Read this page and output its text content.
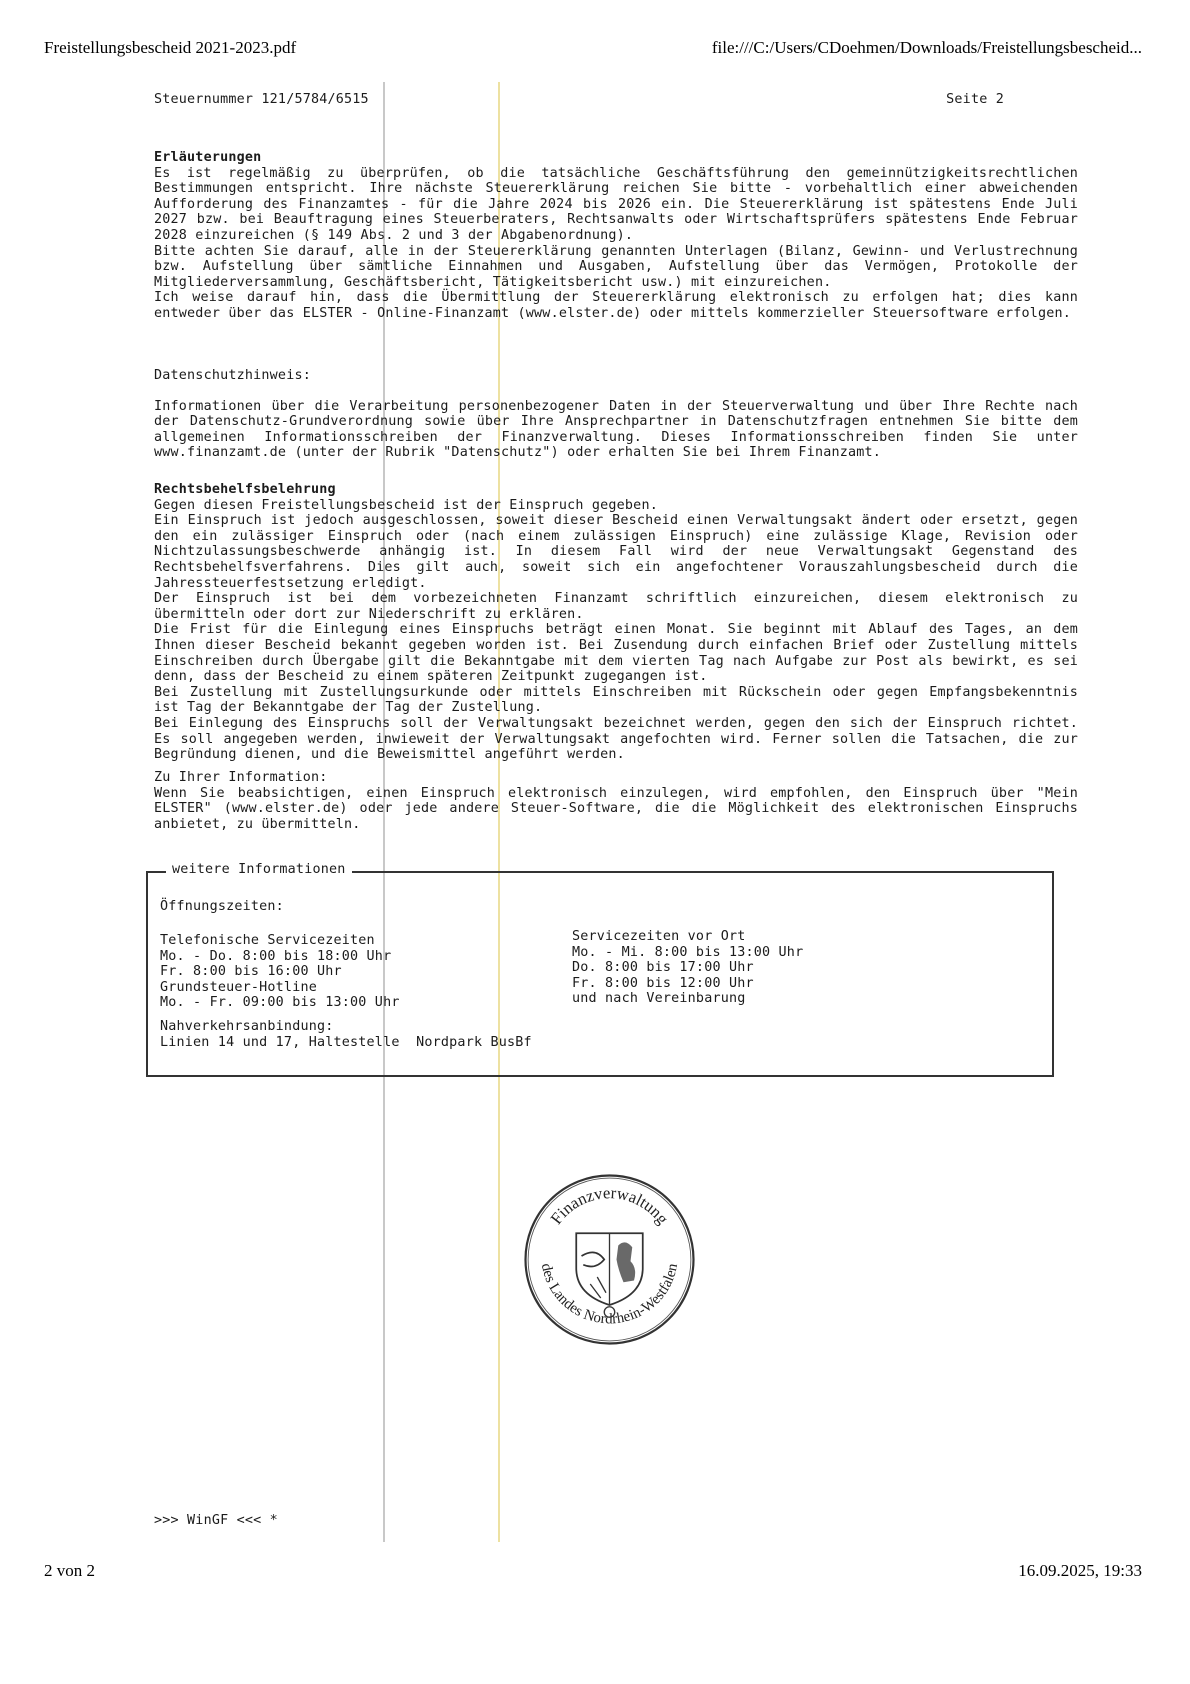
Freistellungsbescheid 2021-2023.pdf	file:///C:/Users/CDoehmen/Downloads/Freistellungsbescheid...
Steuernummer 121/5784/6515	Seite 2

Erläuterungen

Es ist regelmäßig zu überprüfen, ob die tatsächliche Geschäftsführung den gemeinnützigkeitsrechtlichen Bestimmungen entspricht. Ihre nächste Steuererklärung reichen Sie bitte - vorbehaltlich einer abweichenden Aufforderung des Finanzamtes - für die Jahre 2024 bis 2026 ein. Die Steuererklärung ist spätestens Ende Juli 2027 bzw. bei Beauftragung eines Steuerberaters, Rechtsanwalts oder Wirtschaftsprüfers spätestens Ende Februar 2028 einzureichen (§ 149 Abs. 2 und 3 der Abgabenordnung).

Bitte achten Sie darauf, alle in der Steuererklärung genannten Unterlagen (Bilanz, Gewinn- und Verlustrechnung bzw. Aufstellung über sämtliche Einnahmen und Ausgaben, Aufstellung über das Vermögen, Protokolle der Mitgliederversammlung, Geschäftsbericht, Tätigkeitsbericht usw.) mit einzureichen.

Ich weise darauf hin, dass die Übermittlung der Steuererklärung elektronisch zu erfolgen hat; dies kann entweder über das ELSTER - Online-Finanzamt (www.elster.de) oder mittels kommerzieller Steuersoftware erfolgen.

Datenschutzhinweis:

Informationen über die Verarbeitung personenbezogener Daten in der Steuerverwaltung und über Ihre Rechte nach der Datenschutz-Grundverordnung sowie über Ihre Ansprechpartner in Datenschutzfragen entnehmen Sie bitte dem allgemeinen Informationsschreiben der Finanzverwaltung. Dieses Informationsschreiben finden Sie unter www.finanzamt.de (unter der Rubrik "Datenschutz") oder erhalten Sie bei Ihrem Finanzamt.

Rechtsbehelfsbelehrung

Gegen diesen Freistellungsbescheid ist der Einspruch gegeben.

Ein Einspruch ist jedoch ausgeschlossen, soweit dieser Bescheid einen Verwaltungsakt ändert oder ersetzt, gegen den ein zulässiger Einspruch oder (nach einem zulässigen Einspruch) eine zulässige Klage, Revision oder Nichtzulassungsbeschwerde anhängig ist. In diesem Fall wird der neue Verwaltungsakt Gegenstand des Rechtsbehelfsverfahrens. Dies gilt auch, soweit sich ein angefochtener Vorauszahlungsbescheid durch die Jahressteuerfestsetzung erledigt.

Der Einspruch ist bei dem vorbezeichneten Finanzamt schriftlich einzureichen, diesem elektronisch zu übermitteln oder dort zur Niederschrift zu erklären.

Die Frist für die Einlegung eines Einspruchs beträgt einen Monat. Sie beginnt mit Ablauf des Tages, an dem Ihnen dieser Bescheid bekannt gegeben worden ist. Bei Zusendung durch einfachen Brief oder Zustellung mittels Einschreiben durch Übergabe gilt die Bekanntgabe mit dem vierten Tag nach Aufgabe zur Post als bewirkt, es sei denn, dass der Bescheid zu einem späteren Zeitpunkt zugegangen ist.

Bei Zustellung mit Zustellungsurkunde oder mittels Einschreiben mit Rückschein oder gegen Empfangsbekenntnis ist Tag der Bekanntgabe der Tag der Zustellung.

Bei Einlegung des Einspruchs soll der Verwaltungsakt bezeichnet werden, gegen den sich der Einspruch richtet. Es soll angegeben werden, inwieweit der Verwaltungsakt angefochten wird. Ferner sollen die Tatsachen, die zur Begründung dienen, und die Beweismittel angeführt werden.

Zu Ihrer Information:

Wenn Sie beabsichtigen, einen Einspruch elektronisch einzulegen, wird empfohlen, den Einspruch über "Mein ELSTER" (www.elster.de) oder jede andere Steuer-Software, die die Möglichkeit des elektronischen Einspruchs anbietet, zu übermitteln.

weitere Informationen
Öffnungszeiten:
Telefonische Servicezeiten
Mo. - Do. 8:00 bis 18:00 Uhr
Fr. 8:00 bis 16:00 Uhr
Grundsteuer-Hotline
Mo. - Fr. 09:00 bis 13:00 Uhr
Servicezeiten vor Ort
Mo. - Mi. 8:00 bis 13:00 Uhr
Do. 8:00 bis 17:00 Uhr
Fr. 8:00 bis 12:00 Uhr
und nach Vereinbarung
Nahverkehrsanbindung:
Linien 14 und 17, Haltestelle  Nordpark BusBf
Finanzverwaltung
des Landes Nordrhein-Westfalen
>>> WinGF <<< *
2 von 2	16.09.2025, 19:33
